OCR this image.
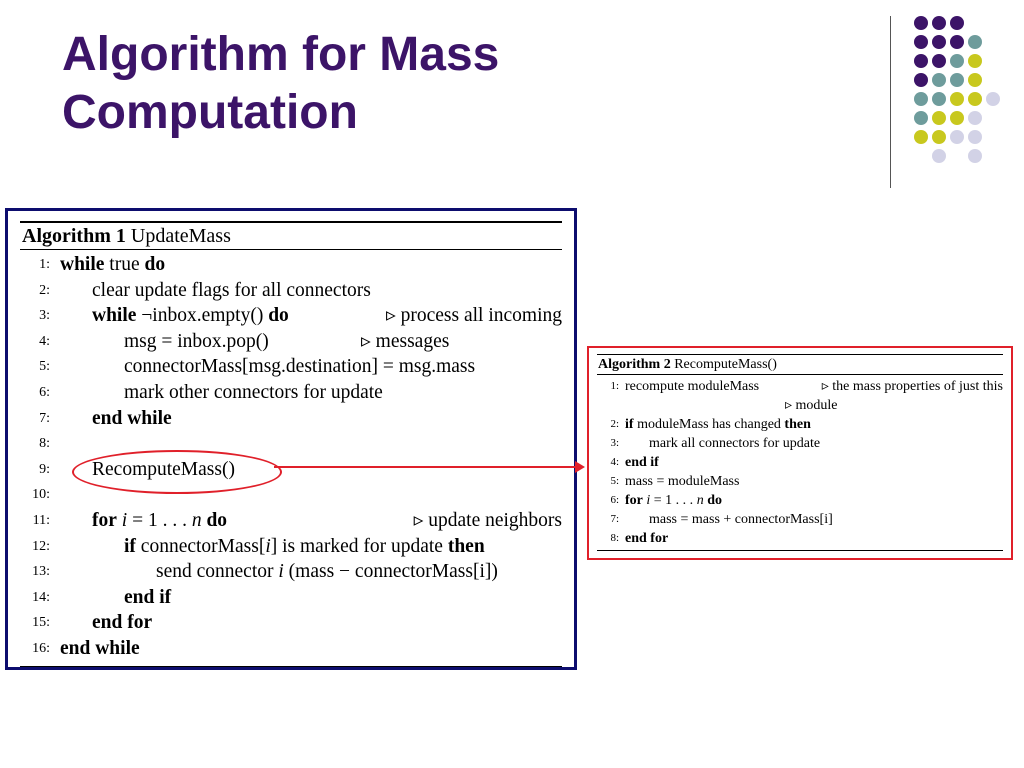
Algorithm for Mass
Computation
Algorithm 1 UpdateMass
1: while true do
2: clear update flags for all connectors
3: while ¬inbox.empty() do	▹ process all incoming
4:	msg = inbox.pop()	▹ messages
5:	connectorMass[msg.destination] = msg.mass
6:	mark other connectors for update
7: end while
8:
9: RecomputeMass()
10:
11: for i = 1 . . . n do	▹ update neighbors
12:	if connectorMass[i] is marked for update then
13:	send connector i (mass − connectorMass[i])
14:	end if
15: end for
16: end while
Algorithm 2 RecomputeMass()
1: recompute moduleMass	▹ the mass properties of just this
▹ module
2: if moduleMass has changed then
3: mark all connectors for update
4: end if
5: mass = moduleMass
6: for i = 1 . . . n do
7: mass = mass + connectorMass[i]
8: end for
